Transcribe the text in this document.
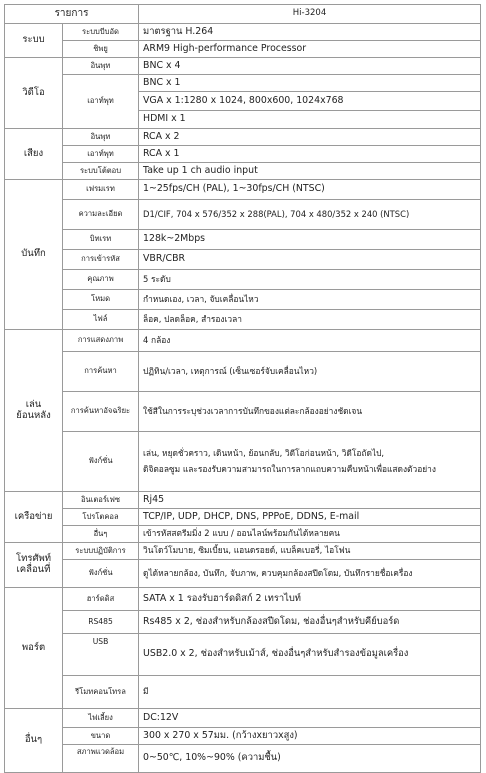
รายการ		Hi-3204
ระบบ	ระบบบีบอัด	มาตรฐาน H.264
	ชิพยู	ARM9 High-performance Processor
วิดีโอ	อินพุท	BNC x 4
	เอาท์พุท	BNC x 1
		VGA x 1:1280 x 1024, 800x600, 1024x768
		HDMI x 1
เสียง	อินพุท	RCA x 2
	เอาท์พุท	RCA x 1
	ระบบโต้ตอบ	Take up 1 ch audio input
บันทึก	เฟรมเรท	1~25fps/CH (PAL), 1~30fps/CH (NTSC)
	ความละเอียด	D1/CIF, 704 x 576/352 x 288(PAL), 704 x 480/352 x 240 (NTSC)
	บิทเรท	128k~2Mbps
	การเข้ารหัส	VBR/CBR
	คุณภาพ	5 ระดับ
	โหมด	กำหนดเอง, เวลา, จับเคลื่อนไหว
	ไฟล์	ล็อค, ปลดล็อค, สำรองเวลา

เล่น
ย้อนหลัง	การแสดงภาพ	4 กล้อง
	การค้นหา	ปฏิทิน/เวลา, เหตุการณ์ (เซ็นเซอร์จับเคลื่อนไหว)
	การค้นหาอัจฉริยะ	ใช้สีในการระบุช่วงเวลาการบันทึกของแต่ละกล้องอย่างชัดเจน
	ฟังก์ชั่น	เล่น, หยุดชั่วคราว, เดินหน้า, ย้อนกลับ, วิดีโอก่อนหน้า, วิดีโอถัดไป,
ดิจิตอลซูม และรองรับความสามารถในการลากแถบความคืบหน้าเพื่อแสดงตัวอย่าง

เครือข่าย	อินเตอร์เฟซ	Rj45
	โปรโตคอล	TCP/IP, UDP, DHCP, DNS, PPPoE, DDNS, E-mail
	อื่นๆ	เข้ารหัสสตรีมมิ่ง 2 แบบ / ออนไลน์พร้อมกันได้หลายคน

โทรศัพท์
เคลื่อนที่	ระบบปฏิบัติการ	วินโดว์โมบาย, ซิมเบี้ยน, แอนดรอยด์, แบล็คเบอรี่, ไอโฟน
	ฟังก์ชั่น	ดูได้หลายกล้อง, บันทึก, จับภาพ, ควบคุมกล้องสปีดโดม, บันทึกรายชื่อเครื่อง
พอร์ต	ฮาร์ดดิส	SATA x 1 รองรับฮาร์ดดิสก์ 2 เทราไบท์
	RS485	Rs485 x 2, ช่องสำหรับกล้องสปีดโดม, ช่องอื่นๆสำหรับคีย์บอร์ด
	USB	USB2.0 x 2, ช่องสำหรับเม้าส์, ช่องอื่นๆสำหรับสำรองข้อมูลเครื่อง
	รีโมทคอนโทรล	มี
อื่นๆ	ไฟเลี้ยง	DC:12V
	ขนาด	300 x 270 x 57มม. (กว้างxยาวxสูง)
	สภาพแวดล้อม	0~50℃, 10%~90% (ความชื้น)
